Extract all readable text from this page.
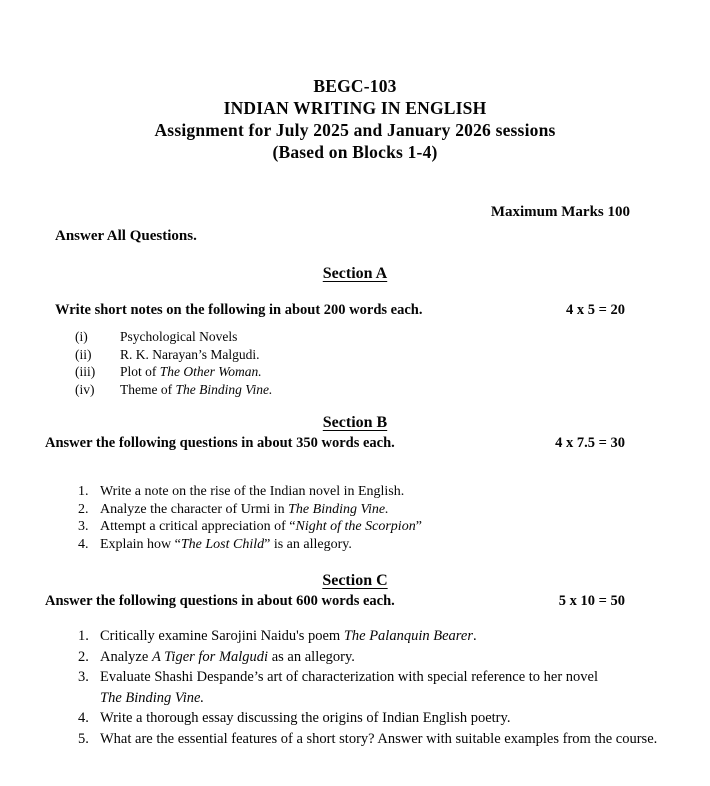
BEGC-103
INDIAN WRITING IN ENGLISH
Assignment for July 2025 and January 2026 sessions
(Based on Blocks 1-4)
Maximum Marks 100
Answer All Questions.
Section A
Write short notes on the following in about 200 words each.	4 x 5 = 20
(i)	Psychological Novels
(ii)	R. K. Narayan’s Malgudi.
(iii)	Plot of The Other Woman.
(iv)	Theme of The Binding Vine.
Section B
Answer the following questions in about 350 words each.	4 x 7.5 = 30
1. Write a note on the rise of the Indian novel in English.
2. Analyze the character of Urmi in The Binding Vine.
3. Attempt a critical appreciation of “Night of the Scorpion”
4. Explain how “The Lost Child” is an allegory.
Section C
Answer the following questions in about 600 words each.	5 x 10 = 50
1. Critically examine Sarojini Naidu's poem The Palanquin Bearer.
2. Analyze A Tiger for Malgudi as an allegory.
3. Evaluate Shashi Despande’s art of characterization with special reference to her novel
The Binding Vine.
4. Write a thorough essay discussing the origins of Indian English poetry.
5. What are the essential features of a short story? Answer with suitable examples from the course.
